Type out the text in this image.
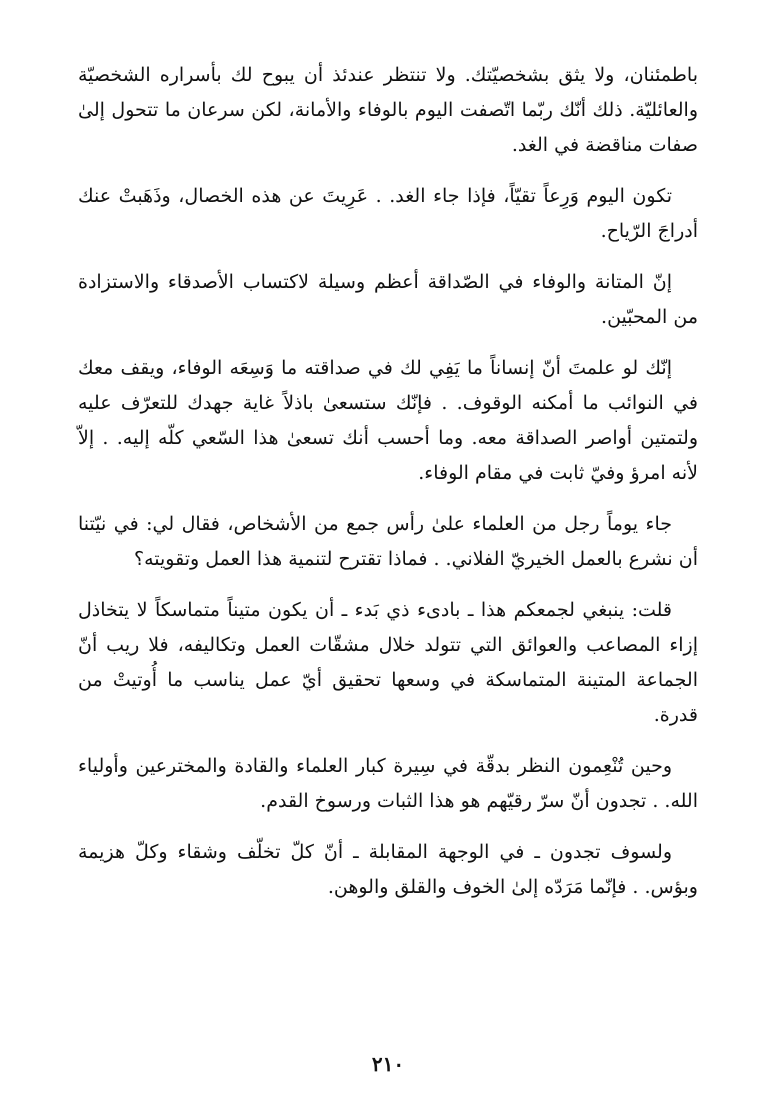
باطمئنان، ولا يثق بشخصيّتك. ولا تنتظر عندئذ أن يبوح لك بأسراره الشخصيّة والعائليّة. ذلك أنّك ربّما اتّصفت اليوم بالوفاء والأمانة، لكن سرعان ما تتحول إلىٰ صفات مناقضة في الغد.

تكون اليوم وَرِعاً تقيّاً، فإذا جاء الغد. . عَرِيتَ عن هذه الخصال، وذَهَبتْ عنك أدراجَ الرّياح.

إنّ المتانة والوفاء في الصّداقة أعظم وسيلة لاكتساب الأصدقاء والاستزادة من المحبّين.

إنّك لو علمتَ أنّ إنساناً ما يَفِي لك في صداقته ما وَسِعَه الوفاء، ويقف معك في النوائب ما أمكنه الوقوف. . فإنّك ستسعىٰ باذلاً غاية جهدك للتعرّف عليه ولتمتين أواصر الصداقة معه. وما أحسب أنك تسعىٰ هذا السّعي كلّه إليه. . إلاّ لأنه امرؤ وفيّ ثابت في مقام الوفاء.

جاء يوماً رجل من العلماء علىٰ رأس جمع من الأشخاص، فقال لي: في نيّتنا أن نشرع بالعمل الخيريّ الفلاني. . فماذا تقترح لتنمية هذا العمل وتقويته؟

قلت: ينبغي لجمعكم هذا ـ بادىء ذي بَدء ـ أن يكون متيناً متماسكاً لا يتخاذل إزاء المصاعب والعوائق التي تتولد خلال مشقّات العمل وتكاليفه، فلا ريب أنّ الجماعة المتينة المتماسكة في وسعها تحقيق أيّ عمل يناسب ما أُوتيتْ من قدرة.

وحين تُنْعِمون النظر بدقّة في سِيرة كبار العلماء والقادة والمخترعين وأولياء الله. . تجدون أنّ سرّ رقيّهم هو هذا الثبات ورسوخ القدم.

ولسوف تجدون ـ في الوجهة المقابلة ـ أنّ كلّ تخلّف وشقاء وكلّ هزيمة وبؤس. . فإنّما مَرَدّه إلىٰ الخوف والقلق والوهن.

٢١٠
